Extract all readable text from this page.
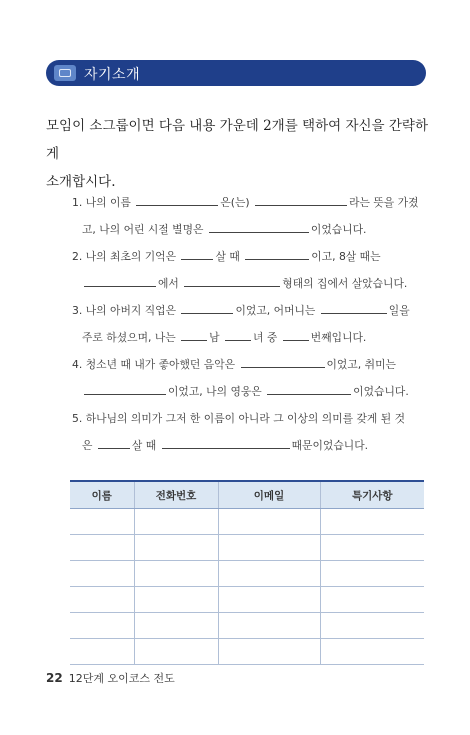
자기소개

모임이 소그룹이면 다음 내용 가운데 2개를 택하여 자신을 간략하게

소개합시다.

1. 나의 이름	은(는)	라는 뜻을 가졌
고, 나의 어린 시절 별명은	이었습니다.
2. 나의 최초의 기억은	살 때	이고, 8살 때는
에서	형태의 집에서 살았습니다.
3. 나의 아버지 직업은	이었고, 어머니는	일을
주로 하셨으며, 나는	남	녀 중	번째입니다.
4. 청소년 때 내가 좋아했던 음악은	이었고, 취미는
이었고, 나의 영웅은	이었습니다.
5. 하나님의 의미가 그저 한 이름이 아니라 그 이상의 의미를 갖게 된 것
은	살 때	때문이었습니다.
이름	전화번호	이메일	특기사항

22 12단계 오이코스 전도
